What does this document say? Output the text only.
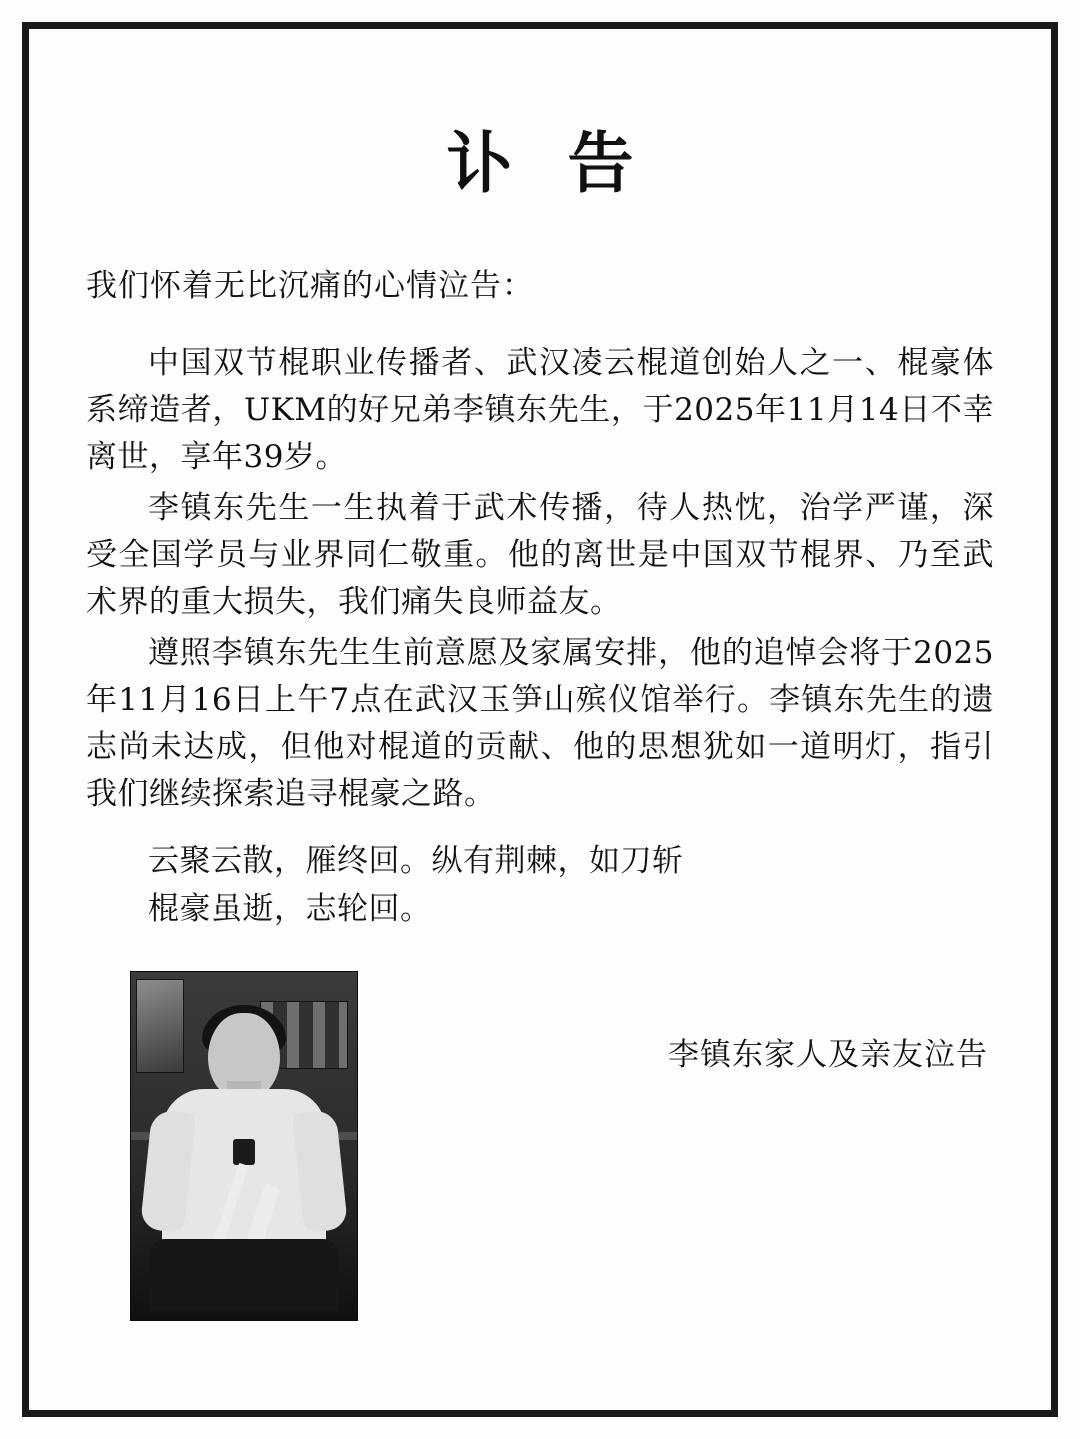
讣 告
我们怀着无比沉痛的心情泣告：

中国双节棍职业传播者、武汉凌云棍道创始人之一、棍豪体系缔造者，UKM的好兄弟李镇东先生，于2025年11月14日不幸离世，享年39岁。

李镇东先生一生执着于武术传播，待人热忱，治学严谨，深受全国学员与业界同仁敬重。他的离世是中国双节棍界、乃至武术界的重大损失，我们痛失良师益友。

遵照李镇东先生生前意愿及家属安排，他的追悼会将于2025年11月16日上午7点在武汉玉笋山殡仪馆举行。李镇东先生的遗志尚未达成，但他对棍道的贡献、他的思想犹如一道明灯，指引我们继续探索追寻棍豪之路。

云聚云散，雁终回。纵有荆棘，如刀斩

棍豪虽逝，志轮回。

李镇东家人及亲友泣告
